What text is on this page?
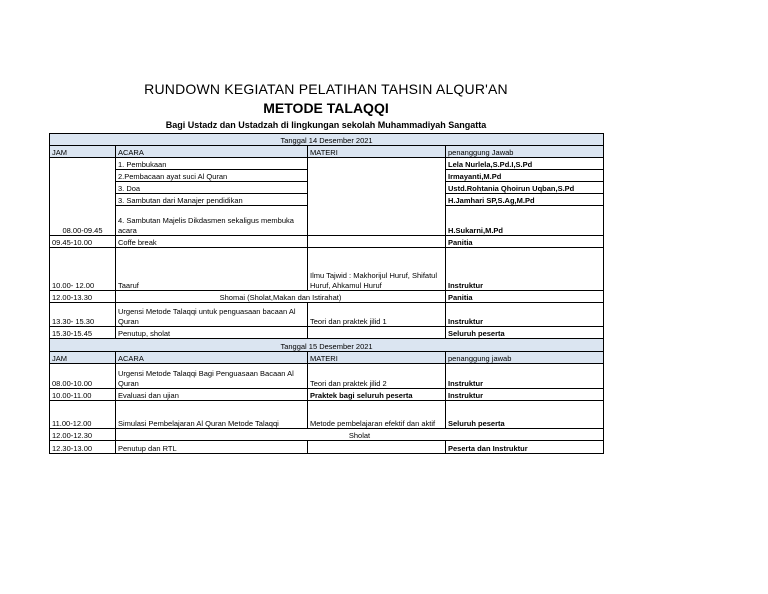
RUNDOWN KEGIATAN PELATIHAN TAHSIN ALQUR'AN
METODE TALAQQI
Bagi Ustadz dan Ustadzah di lingkungan sekolah Muhammadiyah Sangatta
Tanggal 14 Desember 2021			
JAM	ACARA	MATERI	penanggung Jawab
08.00-09.45	1. Pembukaan		Lela Nurlela,S.Pd.I,S.Pd
	2.Pembacaan ayat suci Al Quran		Irmayanti,M.Pd
	3. Doa		Ustd.Rohtania Qhoirun Uqban,S.Pd
	3. Sambutan dari Manajer pendidikan		H.Jamhari SP,S.Ag,M.Pd
	4. Sambutan Majelis Dikdasmen sekaligus membuka acara		H.Sukarni,M.Pd
09.45-10.00	Coffe break		Panitia
10.00- 12.00	Taaruf	Ilmu Tajwid : Makhorijul Huruf, Shifatul Huruf, Ahkamul Huruf	Instruktur
12.00-13.30	Shomai (Sholat,Makan dan Istirahat)		Panitia
13.30- 15.30	Urgensi Metode Talaqqi untuk penguasaan bacaan Al Quran	Teori dan praktek jilid 1	Instruktur
15.30-15.45	Penutup, sholat		Seluruh peserta
Tanggal 15 Desember 2021			
JAM	ACARA	MATERI	penanggung jawab
08.00-10.00	Urgensi Metode Talaqqi Bagi Penguasaan Bacaan Al Quran	Teori dan praktek jilid 2	Instruktur
10.00-11.00	Evaluasi dan ujian	Praktek bagi seluruh peserta	Instruktur
11.00-12.00	Simulasi Pembelajaran Al Quran Metode Talaqqi	Metode pembelajaran efektif dan aktif	Seluruh peserta
12.00-12.30	Sholat		
12.30-13.00	Penutup dan RTL		Peserta dan Instruktur
